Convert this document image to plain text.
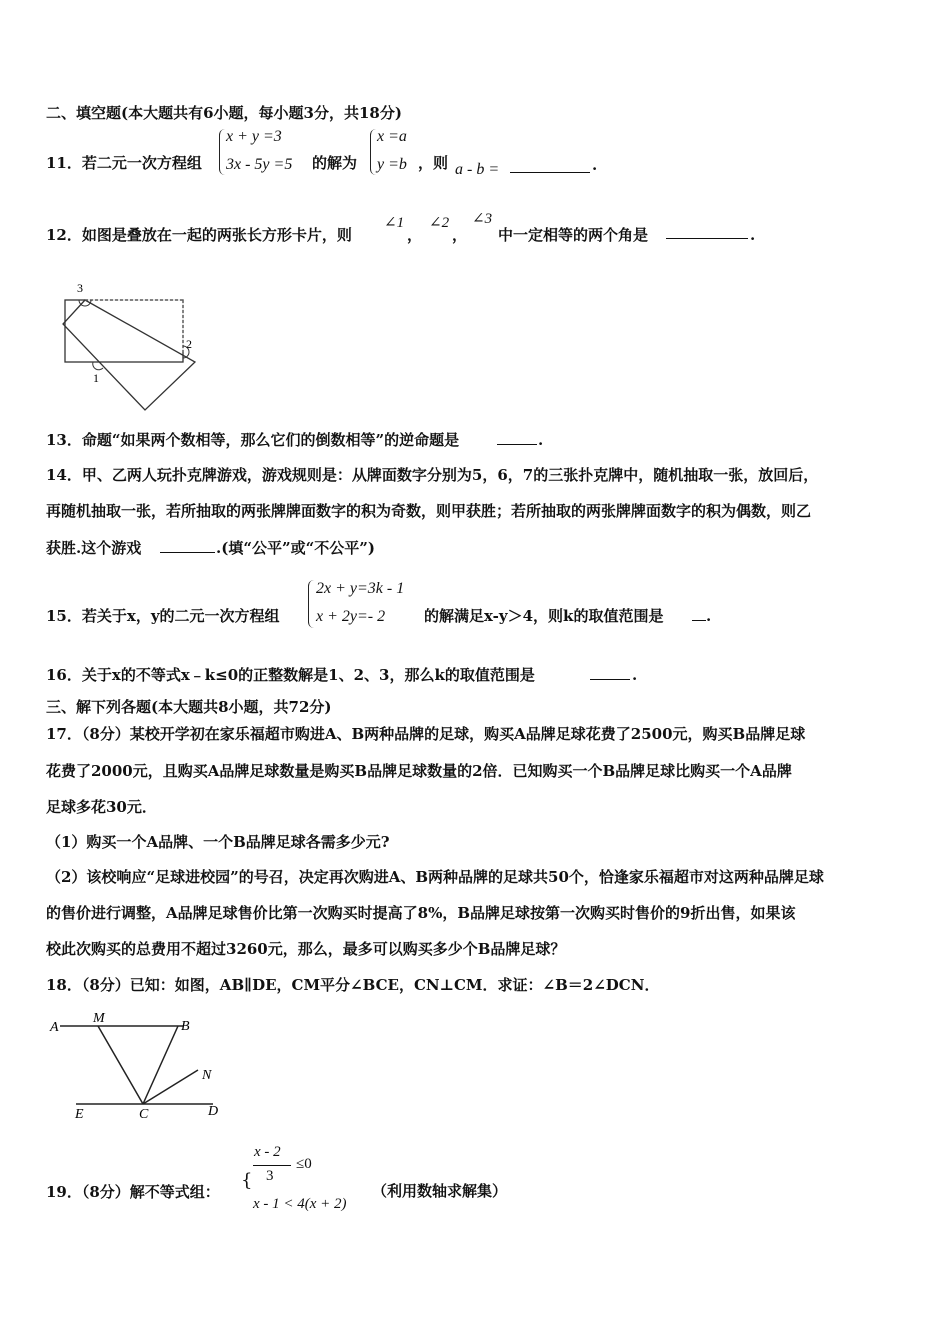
二、填空题(本大题共有6小题，每小题3分，共18分)
11．若二元一次方程组
x + y =3
3x - 5y =5 的解为
x =a
y =b ，则 a - b =	.
12．如图是叠放在一起的两张长方形卡片，则
∠1
，
∠2
，
∠3
中一定相等的两个角是	.
3
2
1
13．命题“如果两个数相等，那么它们的倒数相等”的逆命题是	.
14．甲、乙两人玩扑克牌游戏，游戏规则是：从牌面数字分别为5，6，7的三张扑克牌中，随机抽取一张，放回后，
再随机抽取一张，若所抽取的两张牌牌面数字的积为奇数，则甲获胜；若所抽取的两张牌牌面数字的积为偶数，则乙
获胜.这个游戏	.(填“公平”或“不公平”)
15．若关于x，y的二元一次方程组
2x + y=3k - 1
x + 2y=- 2	的解满足x-y＞4，则k的取值范围是	.
16．关于x的不等式x﹣k≤0的正整数解是1、2、3，那么k的取值范围是	.
三、解下列各题(本大题共8小题，共72分)
17．（8分）某校开学初在家乐福超市购进A、B两种品牌的足球，购买A品牌足球花费了2500元，购买B品牌足球
花费了2000元，且购买A品牌足球数量是购买B品牌足球数量的2倍．已知购买一个B品牌足球比购买一个A品牌
足球多花30元．
（1）购买一个A品牌、一个B品牌足球各需多少元?
（2）该校响应“足球进校园”的号召，决定再次购进A、B两种品牌的足球共50个，恰逢家乐福超市对这两种品牌足球
的售价进行调整，A品牌足球售价比第一次购买时提高了8%，B品牌足球按第一次购买时售价的9折出售，如果该
校此次购买的总费用不超过3260元，那么，最多可以购买多少个B品牌足球？
18．（8分）已知：如图，AB∥DE，CM平分∠BCE，CN⊥CM．求证：∠B＝2∠DCN．
A
M
B
N
E	C	D
19．（8分）解不等式组：
{
x - 2
3
≤0
x - 1 < 4(x + 2)
（利用数轴求解集）
